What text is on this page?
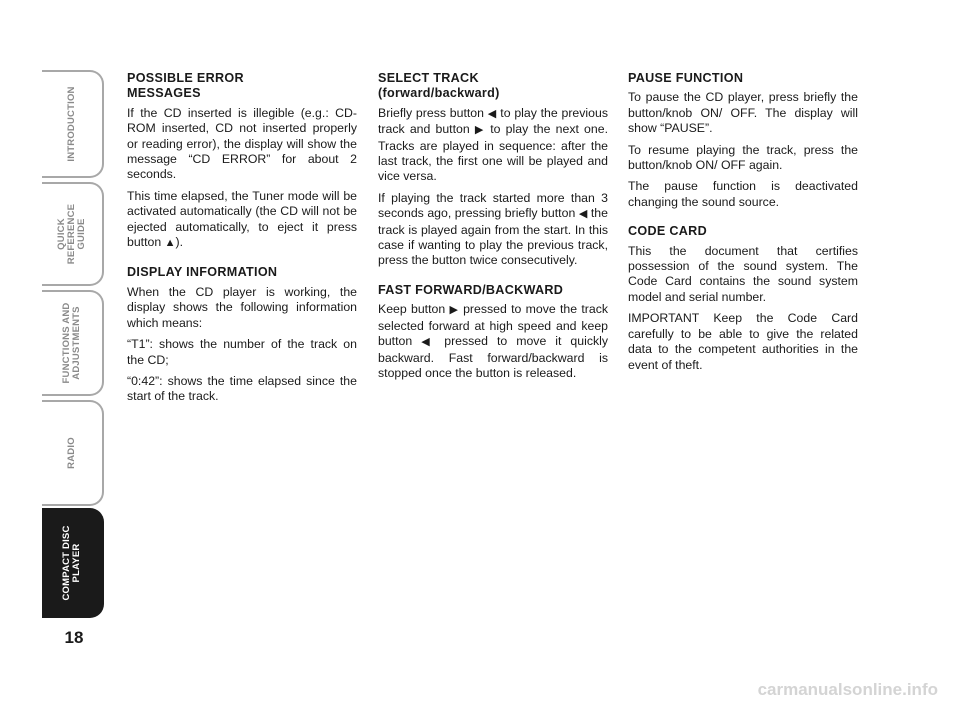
INTRODUCTION
QUICK
REFERENCE
GUIDE
FUNCTIONS AND
ADJUSTMENTS
RADIO
COMPACT DISC
PLAYER
18
POSSIBLE ERROR
MESSAGES

If the CD inserted is illegible (e.g.: CD-ROM inserted, CD not inserted properly or reading error), the display will show the message “CD ERROR” for about 2 seconds.

This time elapsed, the Tuner mode will be activated automatically (the CD will not be ejected automatically, to eject it press button ▲).

DISPLAY INFORMATION

When the CD player is working, the display shows the following information which means:

“T1”: shows the number of the track on the CD;

“0:42”: shows the time elapsed since the start of the track.

SELECT TRACK
(forward/backward)

Briefly press button ◀ to play the previous track and button ▶ to play the next one. Tracks are played in sequence: after the last track, the first one will be played and vice versa.

If playing the track started more than 3 seconds ago, pressing briefly button ◀ the track is played again from the start. In this case if wanting to play the previous track, press the button twice consecutively.

FAST FORWARD/BACKWARD

Keep button ▶ pressed to move the track selected forward at high speed and keep button ◀ pressed to move it quickly backward. Fast forward/backward is stopped once the button is released.

PAUSE FUNCTION

To pause the CD player, press briefly the button/knob ON/ OFF. The display will show “PAUSE”.

To resume playing the track, press the button/knob ON/ OFF again.

The pause function is deactivated changing the sound source.

CODE CARD

This the document that certifies possession of the sound system. The Code Card contains the sound system model and serial number.

IMPORTANT Keep the Code Card carefully to be able to give the related data to the competent authorities in the event of theft.

carmanualsonline.info
